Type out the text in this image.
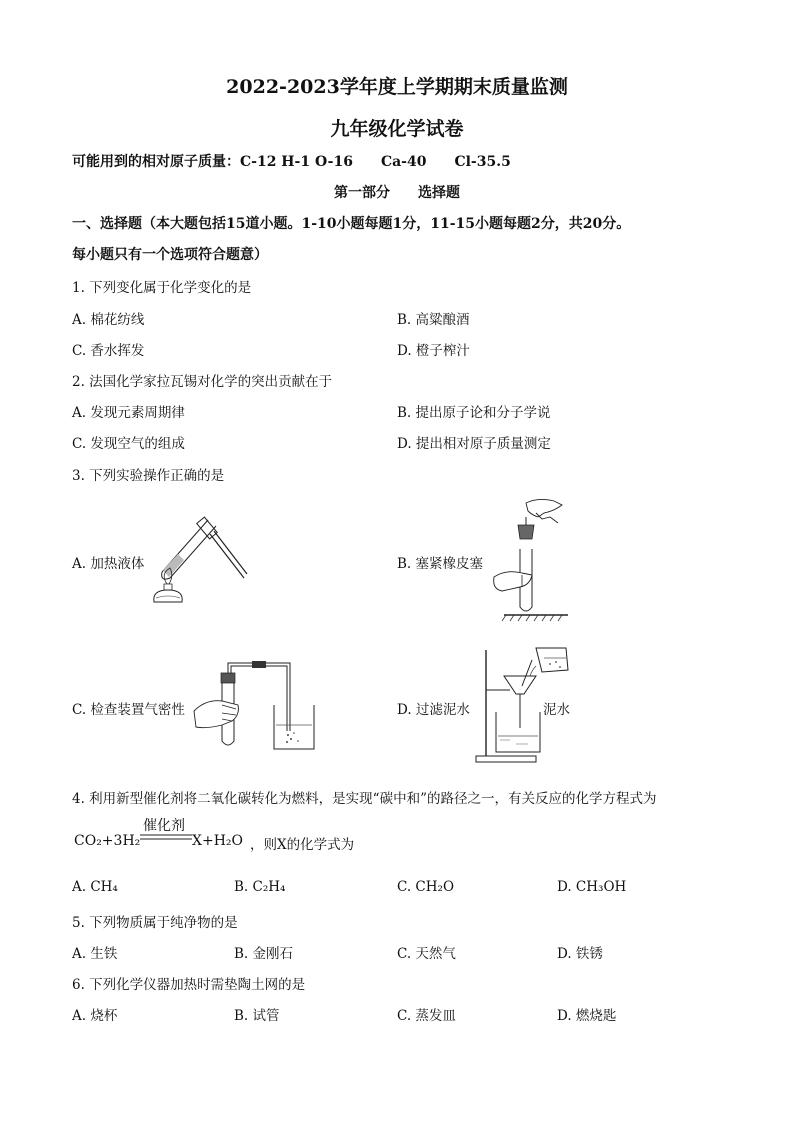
2022-2023学年度上学期期末质量监测
九年级化学试卷
可能用到的相对原子质量：C-12 H-1 O-16　　Ca-40　　Cl-35.5
第一部分　　选择题
一、选择题（本大题包括15道小题。1-10小题每题1分，11-15小题每题2分，共20分。
每小题只有一个选项符合题意）
1. 下列变化属于化学变化的是
A. 棉花纺线	B. 高粱酿酒
C. 香水挥发	D. 橙子榨汁
2. 法国化学家拉瓦锡对化学的突出贡献在于
A. 发现元素周期律	B. 提出原子论和分子学说
C. 发现空气的组成	D. 提出相对原子质量测定
3. 下列实验操作正确的是
A. 加热液体	B. 塞紧橡皮塞
C. 检查装置气密性	D. 过滤泥水	泥水
4. 利用新型催化剂将二氧化碳转化为燃料，是实现“碳中和”的路径之一，有关反应的化学方程式为
催化剂
CO₂+3H₂	X+H₂O ，则X的化学式为
A. CH₄	B. C₂H₄	C. CH₂O	D. CH₃OH
5. 下列物质属于纯净物的是
A. 生铁	B. 金刚石	C. 天然气	D. 铁锈
6. 下列化学仪器加热时需垫陶土网的是
A. 烧杯	B. 试管	C. 蒸发皿	D. 燃烧匙
